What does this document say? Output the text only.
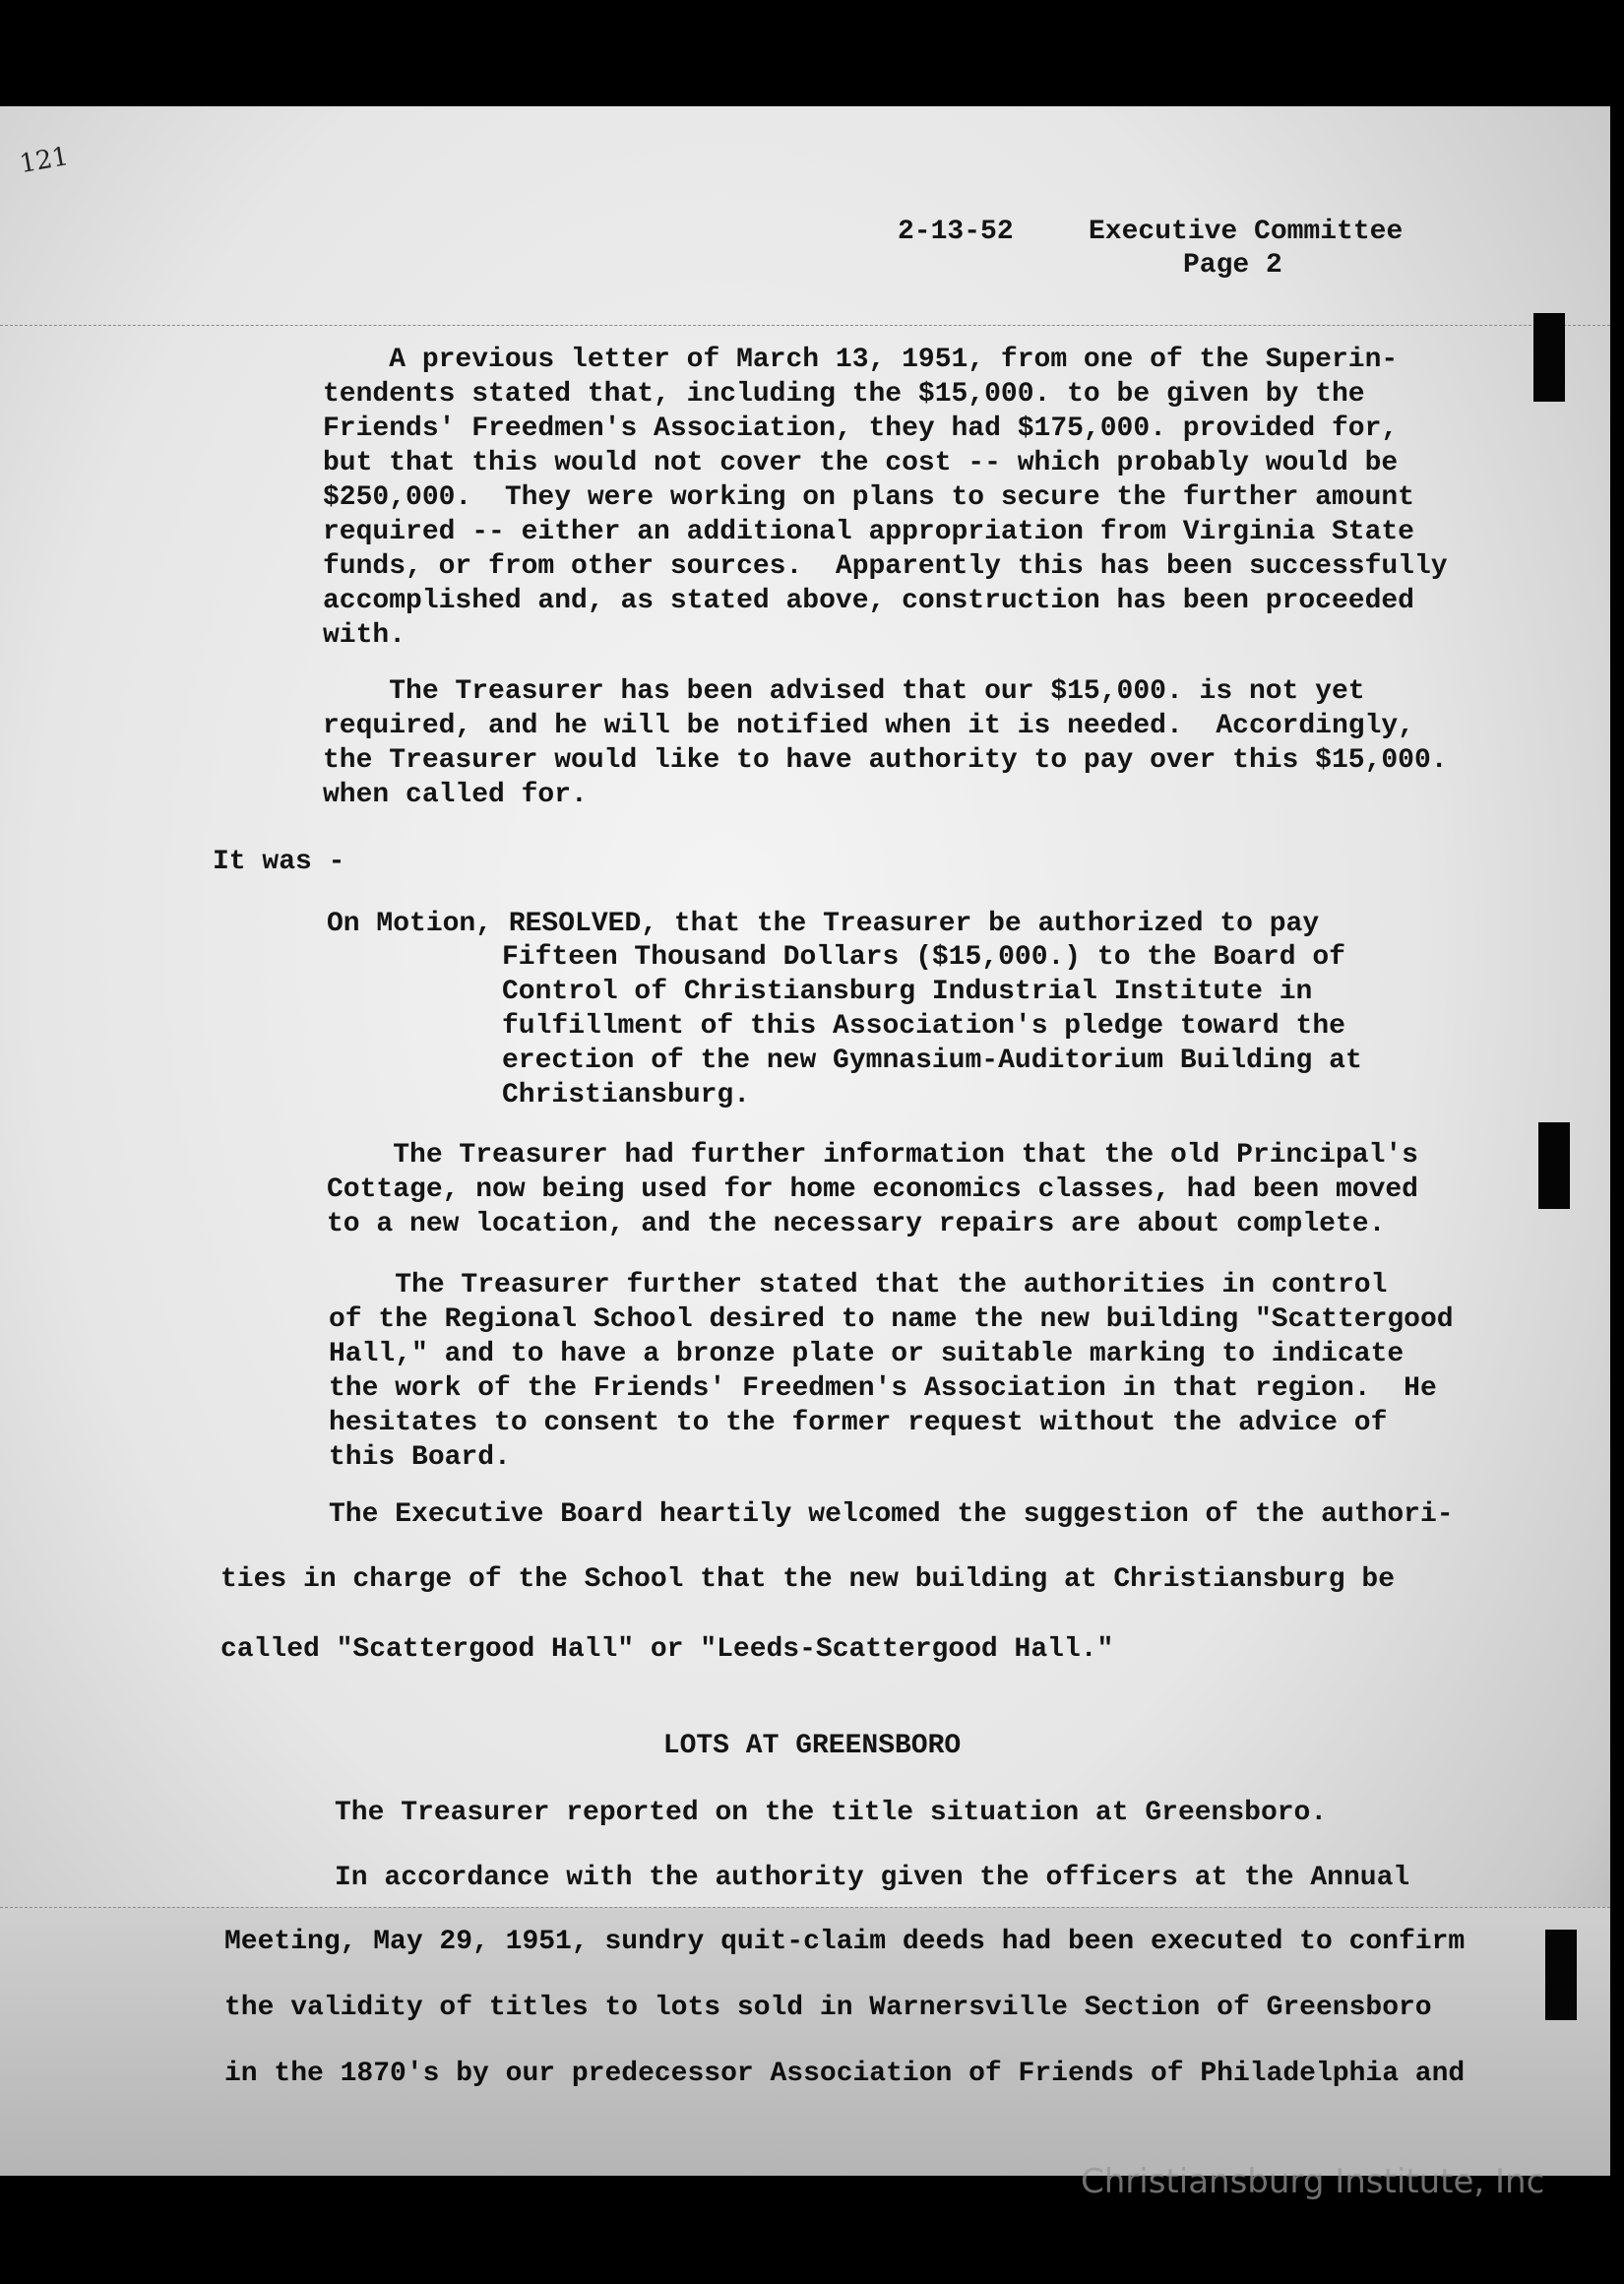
121

2-13-52	Executive Committee

Page 2

A previous letter of March 13, 1951, from one of the Superin-
tendents stated that, including the $15,000. to be given by the
Friends' Freedmen's Association, they had $175,000. provided for,
but that this would not cover the cost -- which probably would be
$250,000.  They were working on plans to secure the further amount
required -- either an additional appropriation from Virginia State
funds, or from other sources.  Apparently this has been successfully
accomplished and, as stated above, construction has been proceeded
with.

The Treasurer has been advised that our $15,000. is not yet
required, and he will be notified when it is needed.  Accordingly,
the Treasurer would like to have authority to pay over this $15,000.
when called for.

It was -

On Motion, RESOLVED, that the Treasurer be authorized to pay

Fifteen Thousand Dollars ($15,000.) to the Board of
Control of Christiansburg Industrial Institute in
fulfillment of this Association's pledge toward the
erection of the new Gymnasium-Auditorium Building at
Christiansburg.

The Treasurer had further information that the old Principal's
Cottage, now being used for home economics classes, had been moved
to a new location, and the necessary repairs are about complete.

The Treasurer further stated that the authorities in control
of the Regional School desired to name the new building "Scattergood
Hall," and to have a bronze plate or suitable marking to indicate
the work of the Friends' Freedmen's Association in that region.  He
hesitates to consent to the former request without the advice of
this Board.

The Executive Board heartily welcomed the suggestion of the authori-

ties in charge of the School that the new building at Christiansburg be

called "Scattergood Hall" or "Leeds-Scattergood Hall."

LOTS AT GREENSBORO

The Treasurer reported on the title situation at Greensboro.

In accordance with the authority given the officers at the Annual

Meeting, May 29, 1951, sundry quit-claim deeds had been executed to confirm

the validity of titles to lots sold in Warnersville Section of Greensboro

in the 1870's by our predecessor Association of Friends of Philadelphia and

Christiansburg Institute, Inc
